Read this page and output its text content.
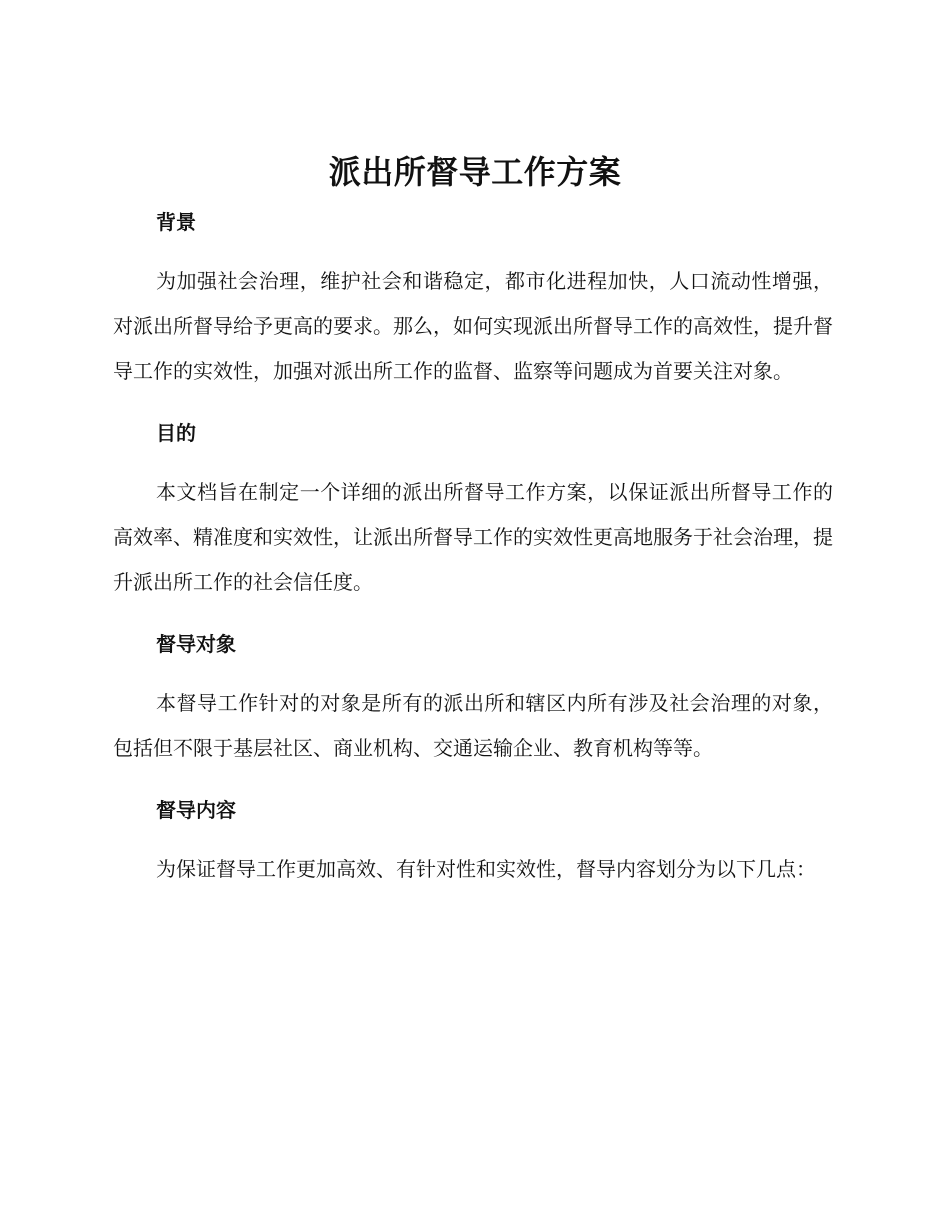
派出所督导工作方案

背景

为加强社会治理，维护社会和谐稳定，都市化进程加快，人口流动性增强，对派出所督导给予更高的要求。那么，如何实现派出所督导工作的高效性，提升督导工作的实效性，加强对派出所工作的监督、监察等问题成为首要关注对象。

目的

本文档旨在制定一个详细的派出所督导工作方案，以保证派出所督导工作的高效率、精准度和实效性，让派出所督导工作的实效性更高地服务于社会治理，提升派出所工作的社会信任度。

督导对象

本督导工作针对的对象是所有的派出所和辖区内所有涉及社会治理的对象，包括但不限于基层社区、商业机构、交通运输企业、教育机构等等。

督导内容

为保证督导工作更加高效、有针对性和实效性，督导内容划分为以下几点：
